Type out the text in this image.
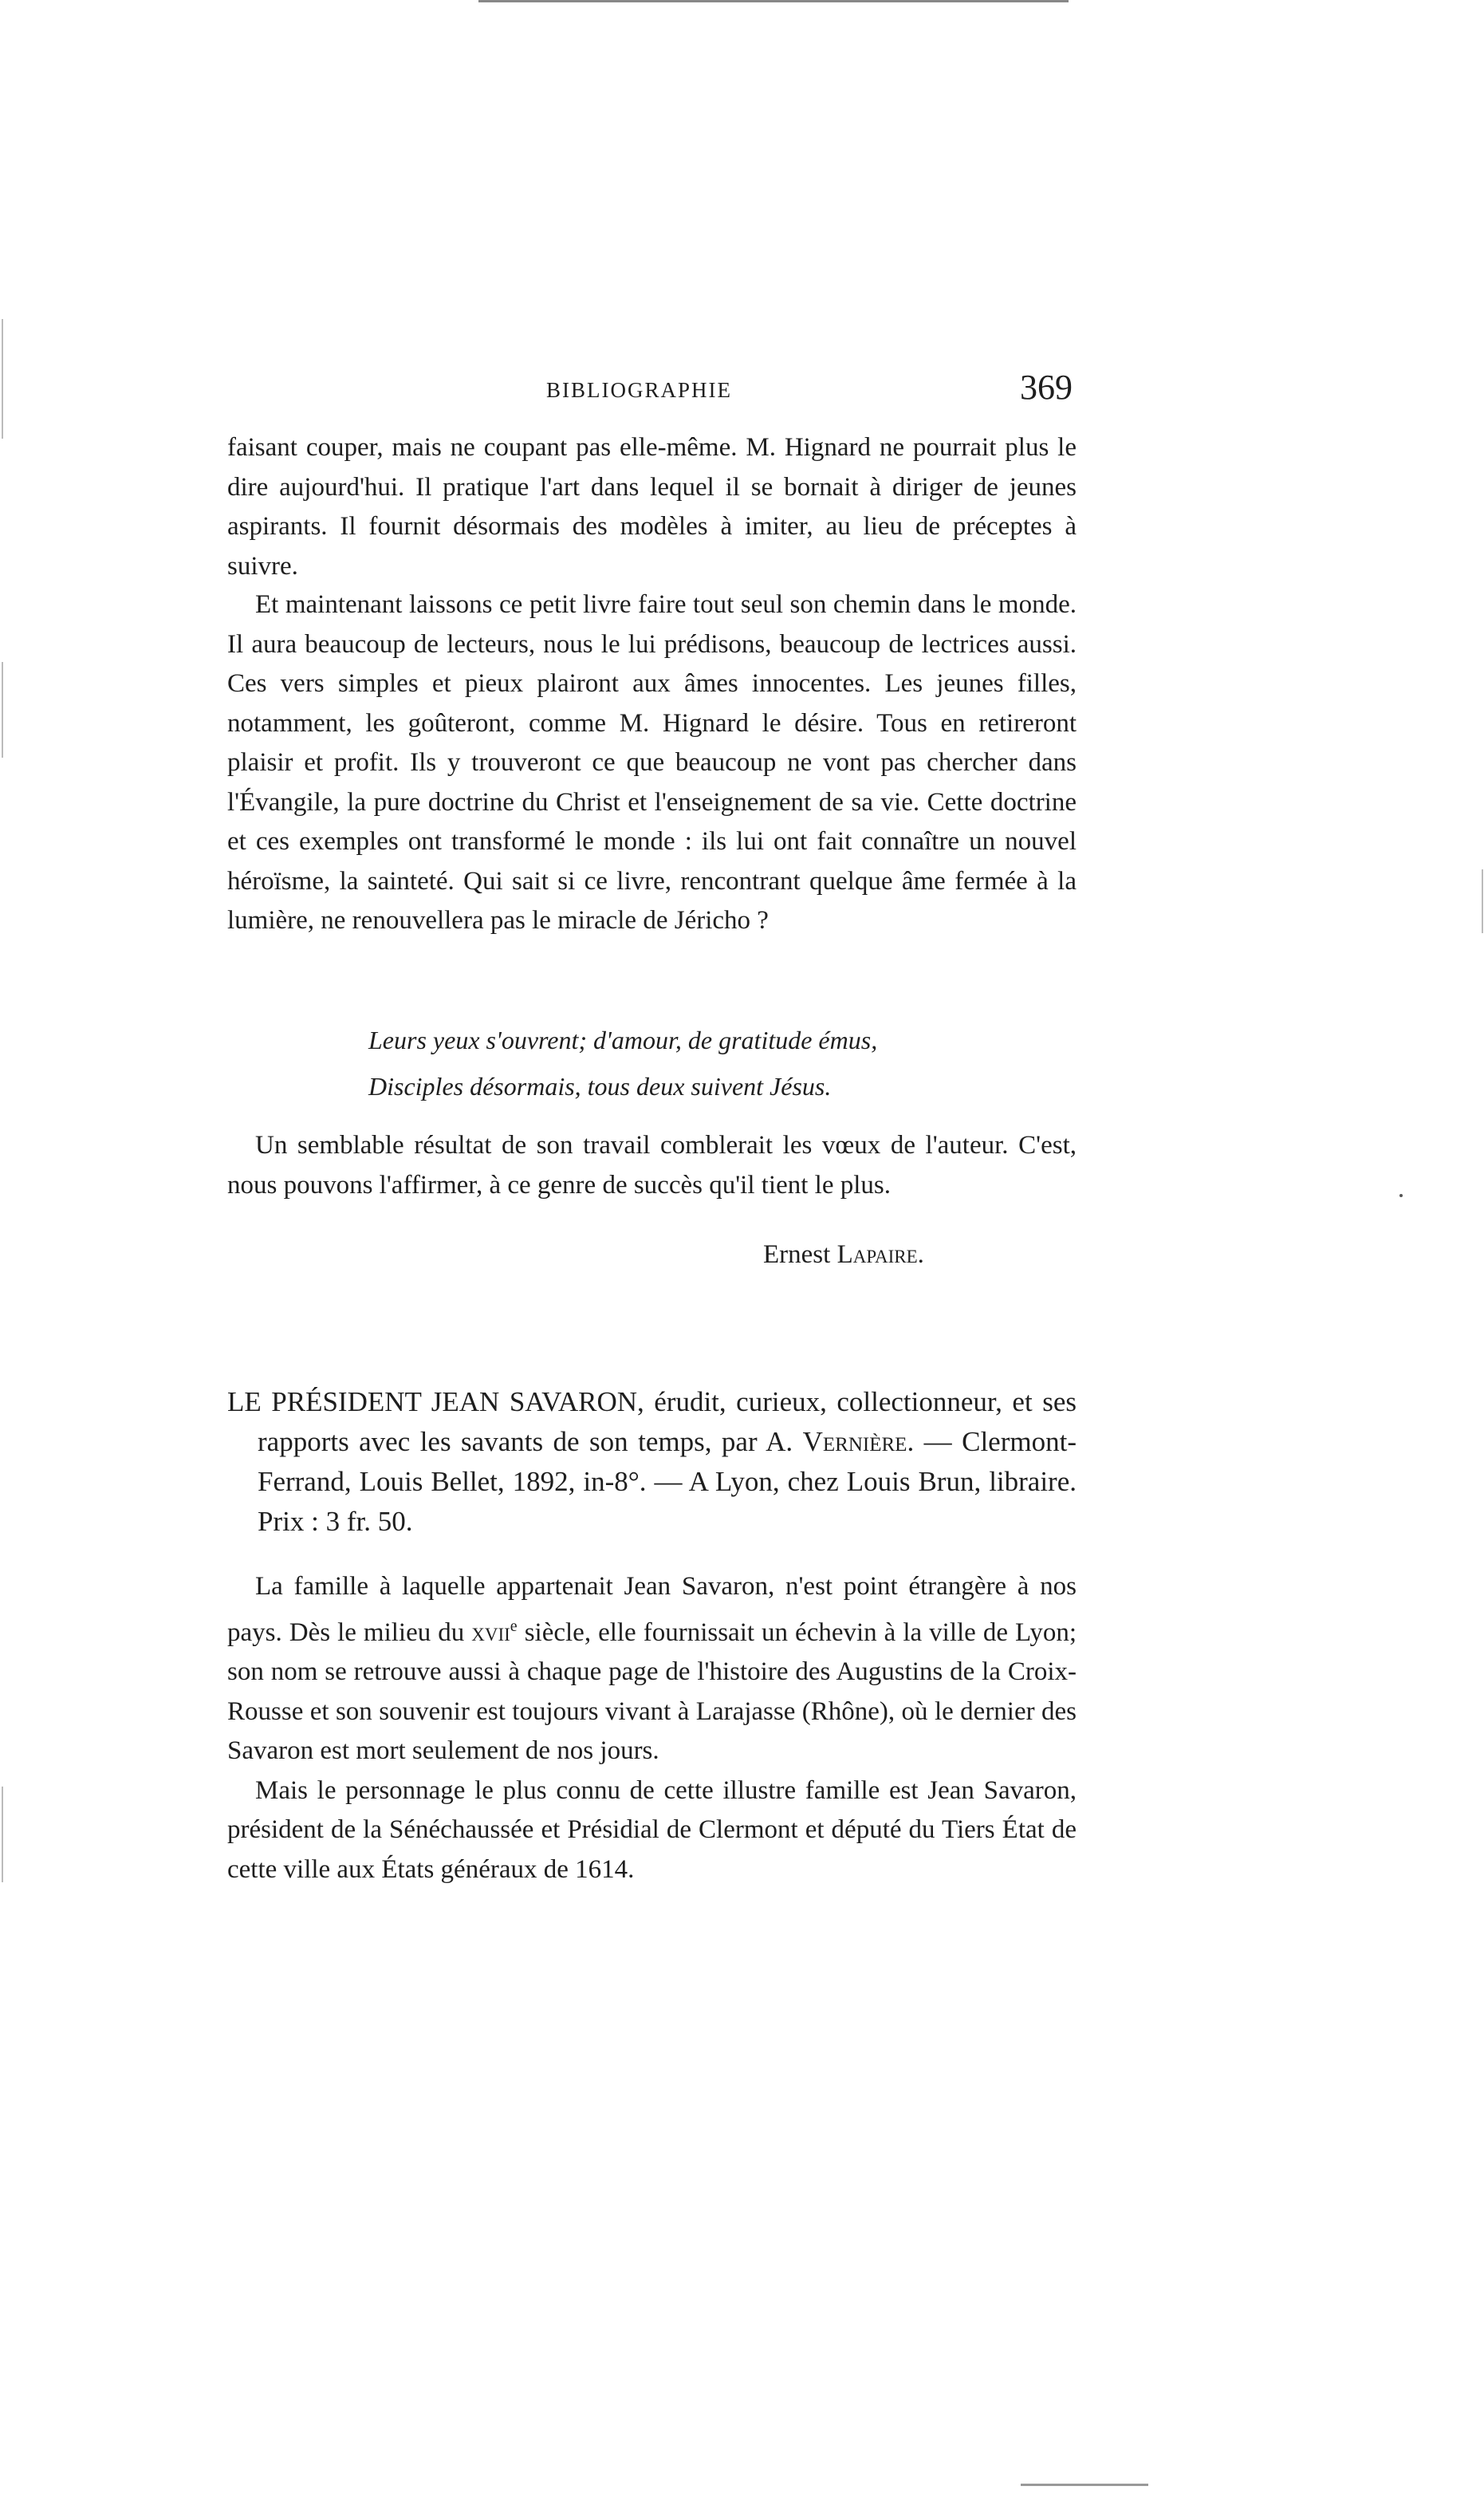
BIBLIOGRAPHIE	369

faisant couper, mais ne coupant pas elle-même. M. Hignard ne pourrait plus le dire aujourd'hui. Il pratique l'art dans lequel il se bornait à diriger de jeunes aspirants. Il fournit désormais des modèles à imiter, au lieu de préceptes à suivre.

Et maintenant laissons ce petit livre faire tout seul son chemin dans le monde. Il aura beaucoup de lecteurs, nous le lui prédisons, beaucoup de lectrices aussi. Ces vers simples et pieux plairont aux âmes innocentes. Les jeunes filles, notamment, les goûteront, comme M. Hignard le désire. Tous en retireront plaisir et profit. Ils y trouveront ce que beaucoup ne vont pas chercher dans l'Évangile, la pure doctrine du Christ et l'enseignement de sa vie. Cette doctrine et ces exemples ont transformé le monde : ils lui ont fait connaître un nouvel héroïsme, la sainteté. Qui sait si ce livre, rencontrant quelque âme fermée à la lumière, ne renouvellera pas le miracle de Jéricho ?

Leurs yeux s'ouvrent; d'amour, de gratitude émus,
Disciples désormais, tous deux suivent Jésus.

Un semblable résultat de son travail comblerait les vœux de l'auteur. C'est, nous pouvons l'affirmer, à ce genre de succès qu'il tient le plus.

Ernest Lapaire.

LE PRÉSIDENT JEAN SAVARON, érudit, curieux, collectionneur, et ses rapports avec les savants de son temps, par A. Vernière. — Clermont-Ferrand, Louis Bellet, 1892, in-8°. — A Lyon, chez Louis Brun, libraire. Prix : 3 fr. 50.

La famille à laquelle appartenait Jean Savaron, n'est point étrangère à nos pays. Dès le milieu du xvii$^e$ siècle, elle fournissait un échevin à la ville de Lyon; son nom se retrouve aussi à chaque page de l'histoire des Augustins de la Croix-Rousse et son souvenir est toujours vivant à Larajasse (Rhône), où le dernier des Savaron est mort seulement de nos jours.

Mais le personnage le plus connu de cette illustre famille est Jean Savaron, président de la Sénéchaussée et Présidial de Clermont et député du Tiers État de cette ville aux États généraux de 1614.
